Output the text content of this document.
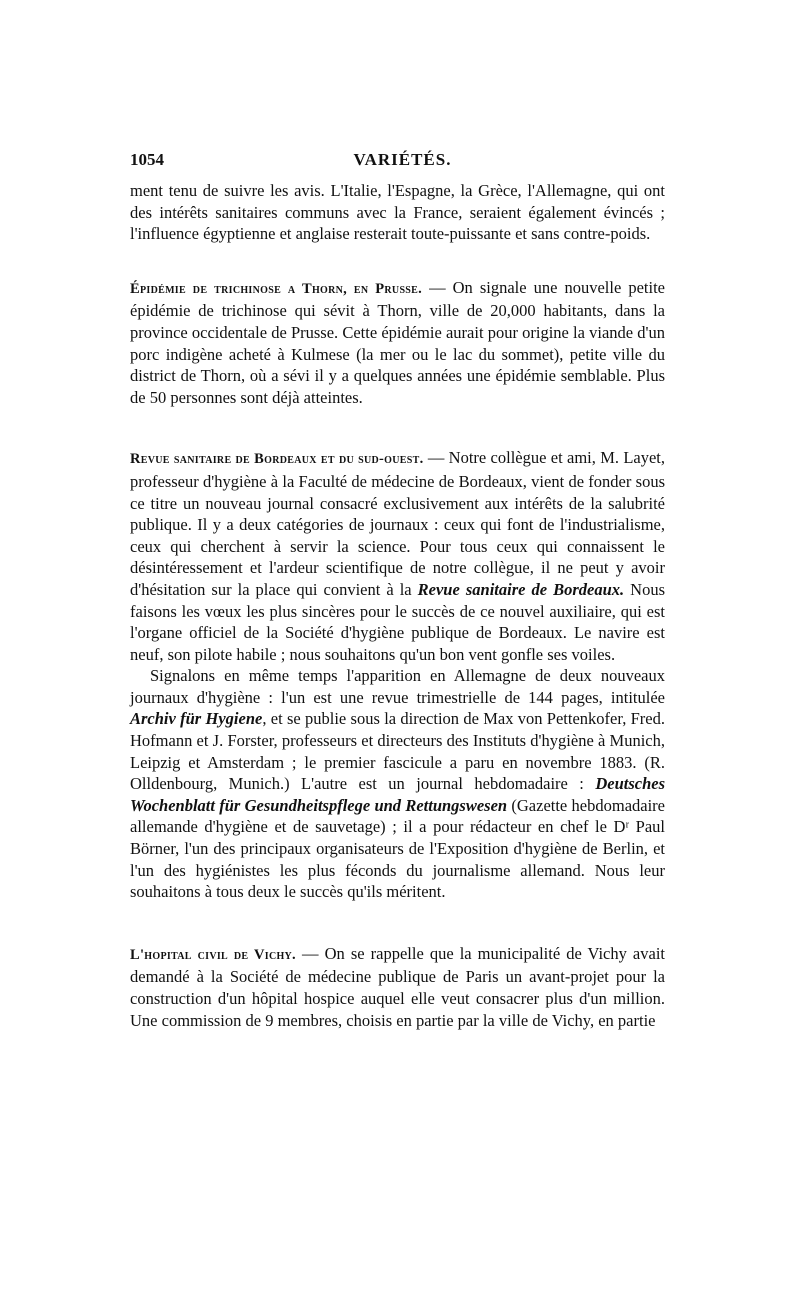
1054	VARIÉTÉS.

ment tenu de suivre les avis. L'Italie, l'Espagne, la Grèce, l'Allemagne, qui ont des intérêts sanitaires communs avec la France, seraient également évincés ; l'influence égyptienne et anglaise resterait toute-puissante et sans contre-poids.

Épidémie de trichinose a Thorn, en Prusse. — On signale une nouvelle petite épidémie de trichinose qui sévit à Thorn, ville de 20,000 habitants, dans la province occidentale de Prusse. Cette épidémie aurait pour origine la viande d'un porc indigène acheté à Kulmese (la mer ou le lac du sommet), petite ville du district de Thorn, où a sévi il y a quelques années une épidémie semblable. Plus de 50 personnes sont déjà atteintes.

Revue sanitaire de Bordeaux et du sud-ouest. — Notre collègue et ami, M. Layet, professeur d'hygiène à la Faculté de médecine de Bordeaux, vient de fonder sous ce titre un nouveau journal consacré exclusivement aux intérêts de la salubrité publique. Il y a deux catégories de journaux : ceux qui font de l'industrialisme, ceux qui cherchent à servir la science. Pour tous ceux qui connaissent le désintéressement et l'ardeur scientifique de notre collègue, il ne peut y avoir d'hésitation sur la place qui convient à la Revue sanitaire de Bordeaux. Nous faisons les vœux les plus sincères pour le succès de ce nouvel auxiliaire, qui est l'organe officiel de la Société d'hygiène publique de Bordeaux. Le navire est neuf, son pilote habile ; nous souhaitons qu'un bon vent gonfle ses voiles.

Signalons en même temps l'apparition en Allemagne de deux nouveaux journaux d'hygiène : l'un est une revue trimestrielle de 144 pages, intitulée Archiv für Hygiene, et se publie sous la direction de Max von Pettenkofer, Fred. Hofmann et J. Forster, professeurs et directeurs des Instituts d'hygiène à Munich, Leipzig et Amsterdam ; le premier fascicule a paru en novembre 1883. (R. Olldenbourg, Munich.) L'autre est un journal hebdomadaire : Deutsches Wochenblatt für Gesundheitspflege und Rettungswesen (Gazette hebdomadaire allemande d'hygiène et de sauvetage) ; il a pour rédacteur en chef le Dʳ Paul Börner, l'un des principaux organisateurs de l'Exposition d'hygiène de Berlin, et l'un des hygiénistes les plus féconds du journalisme allemand. Nous leur souhaitons à tous deux le succès qu'ils méritent.

L'hopital civil de Vichy. — On se rappelle que la municipalité de Vichy avait demandé à la Société de médecine publique de Paris un avant-projet pour la construction d'un hôpital hospice auquel elle veut consacrer plus d'un million. Une commission de 9 membres, choisis en partie par la ville de Vichy, en partie
